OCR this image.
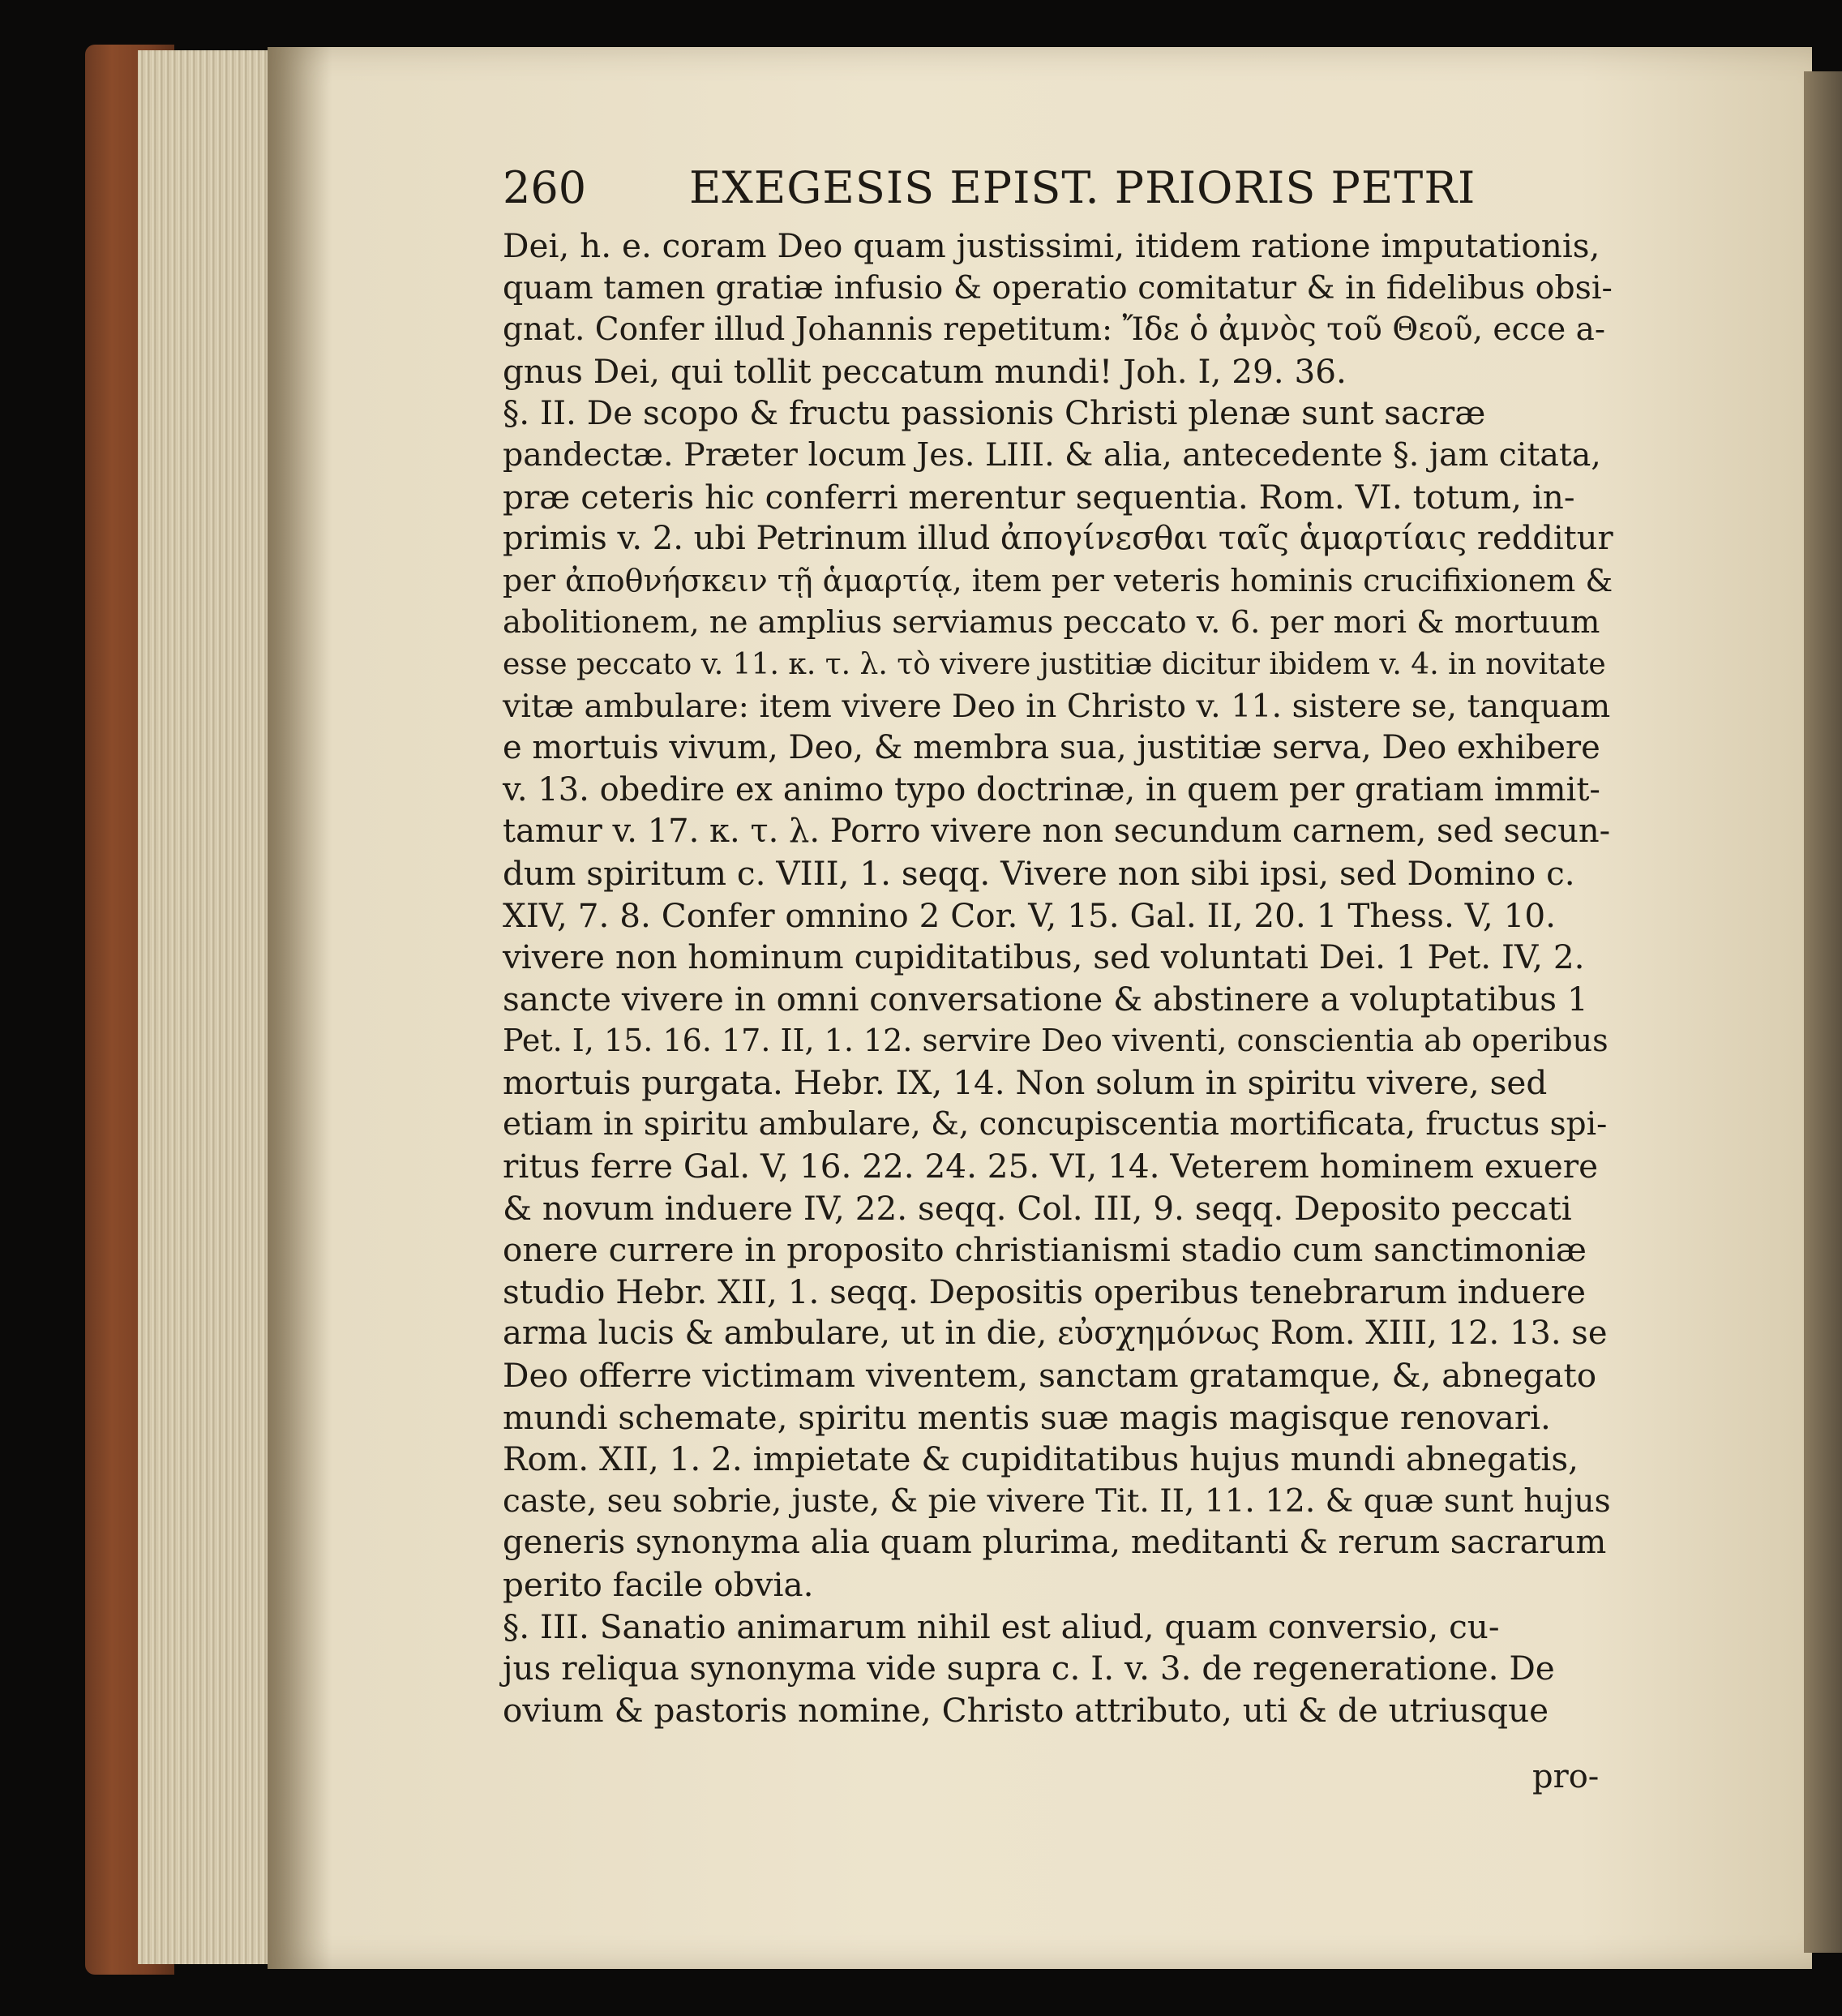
260 EXEGESIS EPIST. PRIORIS PETRI
Dei, h. e. coram Deo quam justissimi, itidem ratione imputationis,
quam tamen gratiæ infusio & operatio comitatur & in fidelibus obsi-
gnat. Confer illud Johannis repetitum: Ἴδε ὁ ἀμνὸς τοῦ Θεοῦ, ecce a-
gnus Dei, qui tollit peccatum mundi! Joh. I, 29. 36.
§. II. De scopo & fructu passionis Christi plenæ sunt sacræ
pandectæ. Præter locum Jes. LIII. & alia, antecedente §. jam citata,
præ ceteris hic conferri merentur sequentia. Rom. VI. totum, in-
primis v. 2. ubi Petrinum illud ἀπογίνεσθαι ταῖς ἁμαρτίαις redditur
per ἀποθνήσκειν τῇ ἁμαρτίᾳ, item per veteris hominis crucifixionem &
abolitionem, ne amplius serviamus peccato v. 6. per mori & mortuum
esse peccato v. 11. κ. τ. λ. τὸ vivere justitiæ dicitur ibidem v. 4. in novitate
vitæ ambulare: item vivere Deo in Christo v. 11. sistere se, tanquam
e mortuis vivum, Deo, & membra sua, justitiæ serva, Deo exhibere
v. 13. obedire ex animo typo doctrinæ, in quem per gratiam immit-
tamur v. 17. κ. τ. λ. Porro vivere non secundum carnem, sed secun-
dum spiritum c. VIII, 1. seqq. Vivere non sibi ipsi, sed Domino c.
XIV, 7. 8. Confer omnino 2 Cor. V, 15. Gal. II, 20. 1 Thess. V, 10.
vivere non hominum cupiditatibus, sed voluntati Dei. 1 Pet. IV, 2.
sancte vivere in omni conversatione & abstinere a voluptatibus 1
Pet. I, 15. 16. 17. II, 1. 12. servire Deo viventi, conscientia ab operibus
mortuis purgata. Hebr. IX, 14. Non solum in spiritu vivere, sed
etiam in spiritu ambulare, &, concupiscentia mortificata, fructus spi-
ritus ferre Gal. V, 16. 22. 24. 25. VI, 14. Veterem hominem exuere
& novum induere IV, 22. seqq. Col. III, 9. seqq. Deposito peccati
onere currere in proposito christianismi stadio cum sanctimoniæ
studio Hebr. XII, 1. seqq. Depositis operibus tenebrarum induere
arma lucis & ambulare, ut in die, εὐσχημόνως Rom. XIII, 12. 13. se
Deo offerre victimam viventem, sanctam gratamque, &, abnegato
mundi schemate, spiritu mentis suæ magis magisque renovari.
Rom. XII, 1. 2. impietate & cupiditatibus hujus mundi abnegatis,
caste, seu sobrie, juste, & pie vivere Tit. II, 11. 12. & quæ sunt hujus
generis synonyma alia quam plurima, meditanti & rerum sacrarum
perito facile obvia.
§. III. Sanatio animarum nihil est aliud, quam conversio, cu-
jus reliqua synonyma vide supra c. I. v. 3. de regeneratione. De
ovium & pastoris nomine, Christo attributo, uti & de utriusque
pro-
